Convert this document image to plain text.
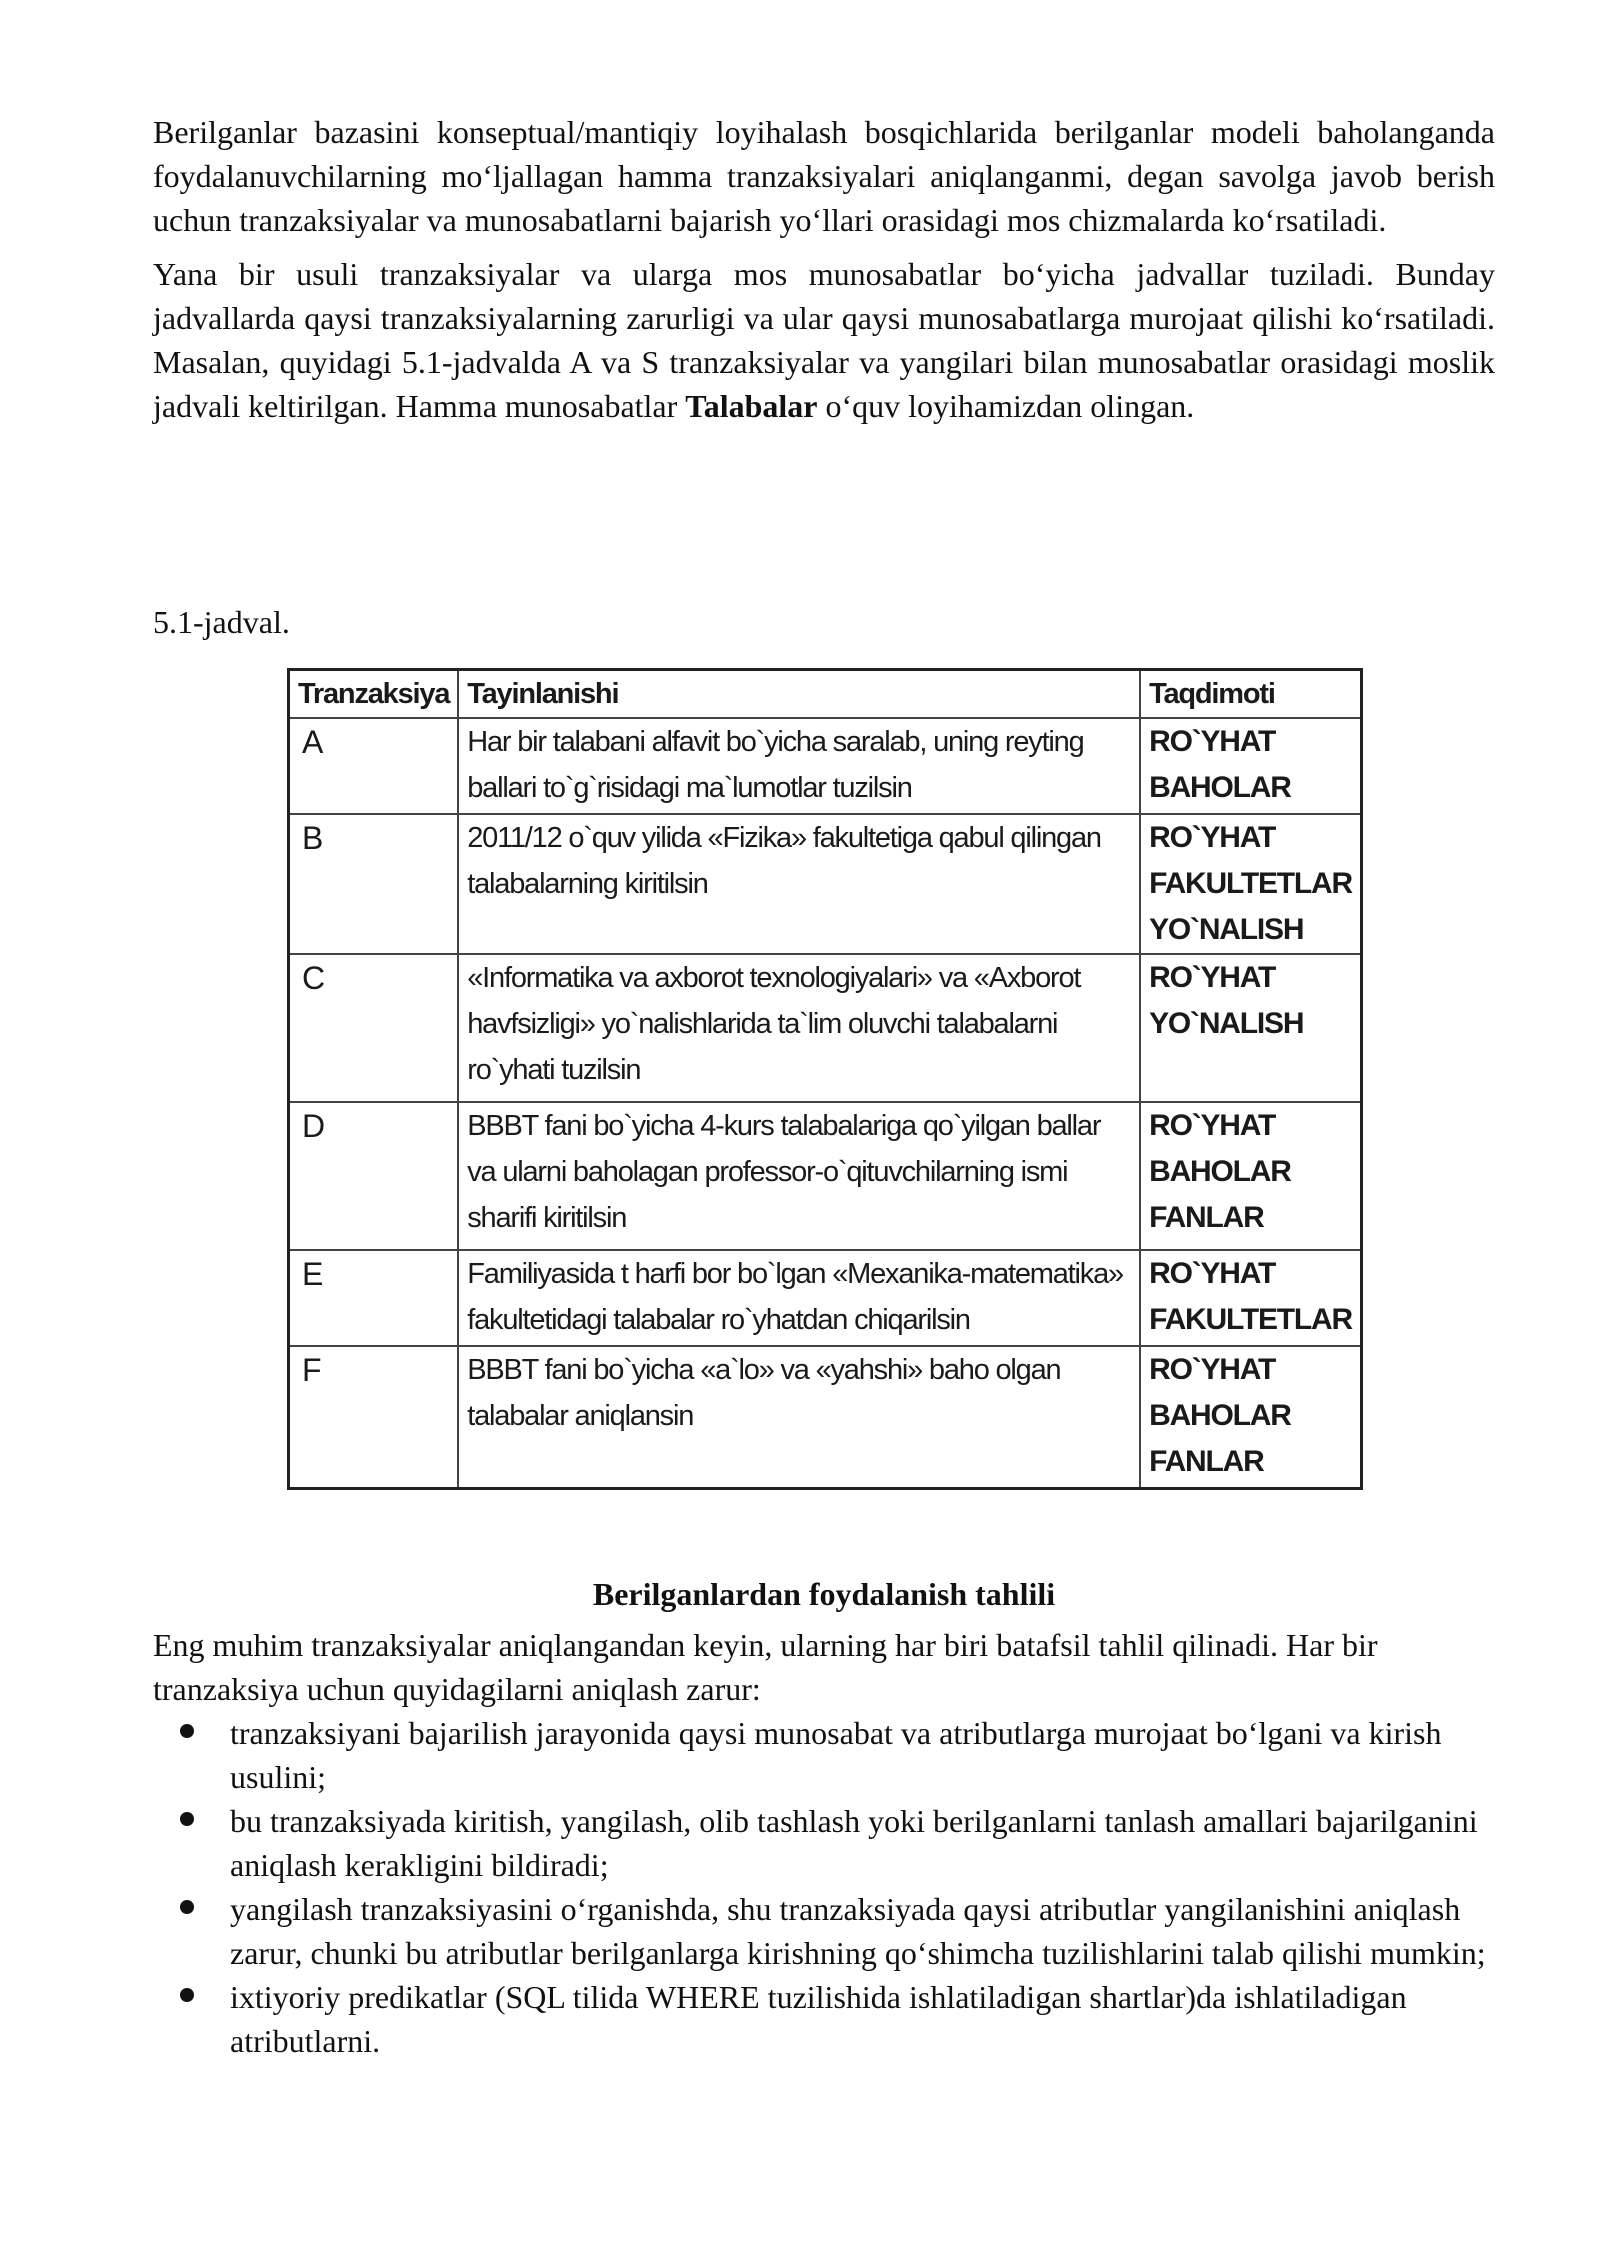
Berilganlar bazasini konseptual/mantiqiy loyihalash bosqichlarida berilganlar modeli baholanganda foydalanuvchilarning mo‘ljallagan hamma tranzaksiyalari aniqlanganmi, degan savolga javob berish uchun tranzaksiyalar va munosabatlarni bajarish yo‘llari orasidagi mos chizmalarda ko‘rsatiladi.

Yana bir usuli tranzaksiyalar va ularga mos munosabatlar bo‘yicha jadvallar tuziladi. Bunday jadvallarda qaysi tranzaksiyalarning zarurligi va ular qaysi munosabatlarga murojaat qilishi ko‘rsatiladi. Masalan, quyidagi 5.1-jadvalda A va S tranzaksiyalar va yangilari bilan munosabatlar orasidagi moslik jadvali keltirilgan. Hamma munosabatlar Talabalar o‘quv loyihamizdan olingan.

5.1-jadval.
Tranzaksiya	Tayinlanishi	Taqdimoti
A	Har bir talabani alfavit bo`yicha saralab, uning reyting ballari to`g`risidagi ma`lumotlar tuzilsin	RO`YHAT
BAHOLAR

B	2011/12 o`quv yilida «Fizika» fakultetiga qabul qilingan talabalarning kiritilsin	RO`YHAT
FAKULTETLAR
YO`NALISH

C	«Informatika va axborot texnologiyalari» va «Axborot havfsizligi» yo`nalishlarida ta`lim oluvchi talabalarni ro`yhati tuzilsin	RO`YHAT
YO`NALISH

D	BBBT fani bo`yicha 4-kurs talabalariga qo`yilgan ballar va ularni baholagan professor-o`qituvchilarning ismi sharifi kiritilsin	RO`YHAT
BAHOLAR
FANLAR

E	Familiyasida t harfi bor bo`lgan «Mexanika-matematika» fakultetidagi talabalar ro`yhatdan chiqarilsin	RO`YHAT
FAKULTETLAR

F	BBBT fani bo`yicha «a`lo» va «yahshi» baho olgan talabalar aniqlansin	RO`YHAT
BAHOLAR
FANLAR
Berilganlardan foydalanish tahlili

Eng muhim tranzaksiyalar aniqlangandan keyin, ularning har biri batafsil tahlil qilinadi. Har bir tranzaksiya uchun quyidagilarni aniqlash zarur:

tranzaksiyani bajarilish jarayonida qaysi munosabat va atributlarga murojaat bo‘lgani va kirish usulini;
bu tranzaksiyada kiritish, yangilash, olib tashlash yoki berilganlarni tanlash amallari bajarilganini aniqlash kerakligini bildiradi;
yangilash tranzaksiyasini o‘rganishda, shu tranzaksiyada qaysi atributlar yangilanishini aniqlash zarur, chunki bu atributlar berilganlarga kirishning qo‘shimcha tuzilishlarini talab qilishi mumkin;
ixtiyoriy predikatlar (SQL tilida WHERE tuzilishida ishlatiladigan shartlar)da ishlatiladigan atributlarni.
